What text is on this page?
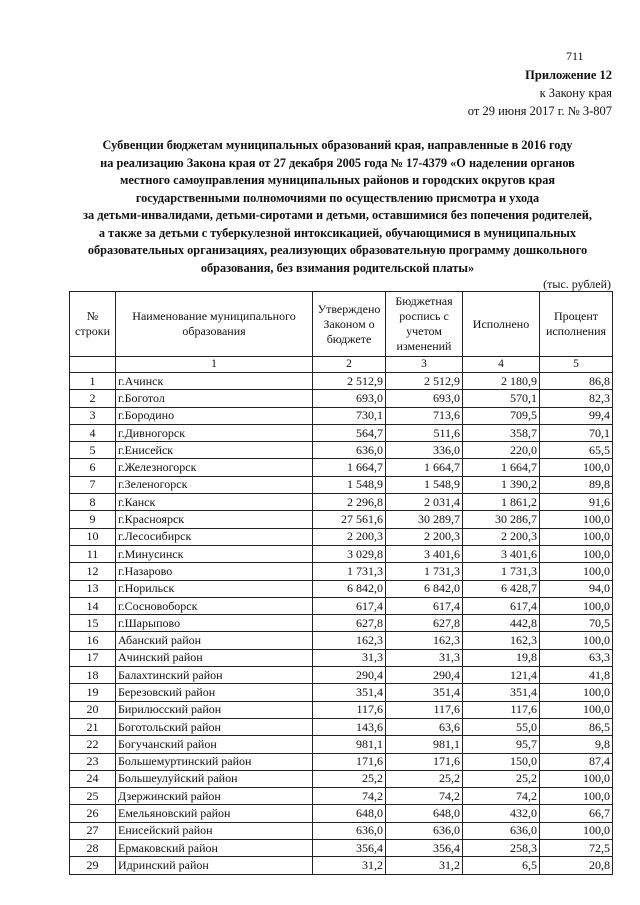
711
Приложение 12
к Закону края
от 29 июня 2017 г. № 3-807
Субвенции бюджетам муниципальных образований края, направленные в 2016 году
на реализацию Закона края от 27 декабря 2005 года № 17-4379 «О наделении органов
местного самоуправления муниципальных районов и городских округов края
государственными полномочиями по осуществлению присмотра и ухода
за детьми-инвалидами, детьми-сиротами и детьми, оставшимися без попечения родителей,
а также за детьми с туберкулезной интоксикацией, обучающимися в муниципальных
образовательных организациях, реализующих образовательную программу дошкольного
образования, без взимания родительской платы»
(тыс. рублей)
№ строки	Наименование муниципального образования	Утверждено Законом о бюджете	Бюджетная роспись с учетом изменений	Исполнено	Процент исполнения
	1	2	3	4	5
1	г.Ачинск	2 512,9	2 512,9	2 180,9	86,8
2	г.Боготол	693,0	693,0	570,1	82,3
3	г.Бородино	730,1	713,6	709,5	99,4
4	г.Дивногорск	564,7	511,6	358,7	70,1
5	г.Енисейск	636,0	336,0	220,0	65,5
6	г.Железногорск	1 664,7	1 664,7	1 664,7	100,0
7	г.Зеленогорск	1 548,9	1 548,9	1 390,2	89,8
8	г.Канск	2 296,8	2 031,4	1 861,2	91,6
9	г.Красноярск	27 561,6	30 289,7	30 286,7	100,0
10	г.Лесосибирск	2 200,3	2 200,3	2 200,3	100,0
11	г.Минусинск	3 029,8	3 401,6	3 401,6	100,0
12	г.Назарово	1 731,3	1 731,3	1 731,3	100,0
13	г.Норильск	6 842,0	6 842,0	6 428,7	94,0
14	г.Сосновоборск	617,4	617,4	617,4	100,0
15	г.Шарыпово	627,8	627,8	442,8	70,5
16	Абанский район	162,3	162,3	162,3	100,0
17	Ачинский район	31,3	31,3	19,8	63,3
18	Балахтинский район	290,4	290,4	121,4	41,8
19	Березовский район	351,4	351,4	351,4	100,0
20	Бирилюсский район	117,6	117,6	117,6	100,0
21	Боготольский район	143,6	63,6	55,0	86,5
22	Богучанский район	981,1	981,1	95,7	9,8
23	Большемуртинский район	171,6	171,6	150,0	87,4
24	Большеулуйский район	25,2	25,2	25,2	100,0
25	Дзержинский район	74,2	74,2	74,2	100,0
26	Емельяновский район	648,0	648,0	432,0	66,7
27	Енисейский район	636,0	636,0	636,0	100,0
28	Ермаковский район	356,4	356,4	258,3	72,5
29	Идринский район	31,2	31,2	6,5	20,8
